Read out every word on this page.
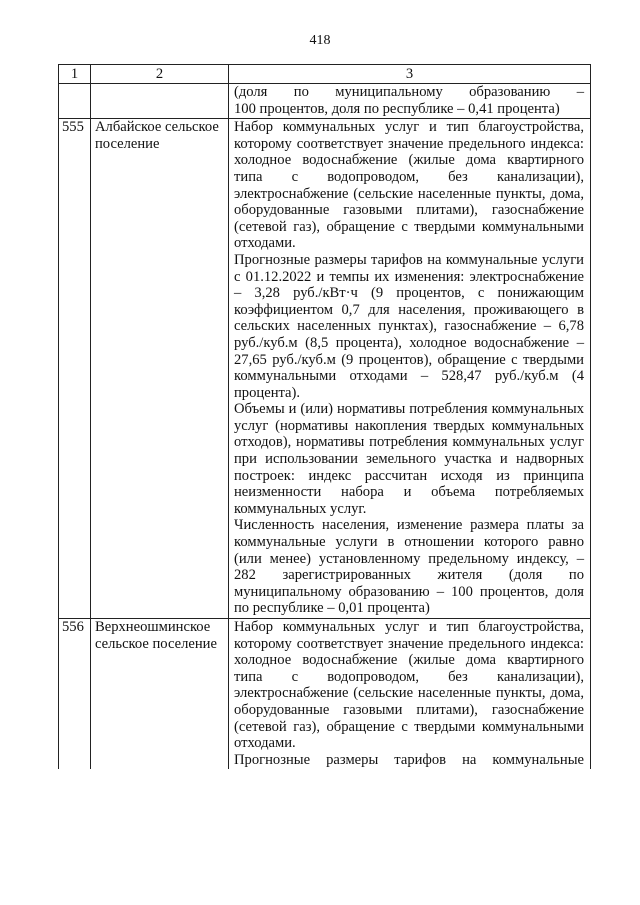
418
1	2	3

		(доля по муниципальному образованию –

100 процентов, доля по республике – 0,41 процента)

555	Албайское сельское поселение	Набор коммунальных услуг и тип благоустройства, которому соответствует значение предельного индекса: холодное водоснабжение (жилые дома квартирного типа с водопроводом, без канализации), электроснабжение (сельские населенные пункты, дома, оборудованные газовыми плитами), газоснабжение (сетевой газ), обращение с твердыми коммунальными отходами.

Прогнозные размеры тарифов на коммунальные услуги с 01.12.2022 и темпы их изменения: электроснабжение – 3,28 руб./кВт·ч (9 процентов, с понижающим коэффициентом 0,7 для населения, проживающего в сельских населенных пунктах), газоснабжение – 6,78 руб./куб.м (8,5 процента), холодное водоснабжение – 27,65 руб./куб.м (9 процентов), обращение с твердыми коммунальными отходами – 528,47 руб./куб.м (4 процента).

Объемы и (или) нормативы потребления коммунальных услуг (нормативы накопления твердых коммунальных отходов), нормативы потребления коммунальных услуг при использовании земельного участка и надворных построек: индекс рассчитан исходя из принципа неизменности набора и объема потребляемых коммунальных услуг.

Численность населения, изменение размера платы за коммунальные услуги в отношении которого равно (или менее) установленному предельному индексу, – 282 зарегистрированных жителя (доля по муниципальному образованию – 100 процентов, доля по республике – 0,01 процента)

556	Верхнеошминское сельское поселение	Набор коммунальных услуг и тип благоустройства, которому соответствует значение предельного индекса: холодное водоснабжение (жилые дома квартирного типа с водопроводом, без канализации), электроснабжение (сельские населенные пункты, дома, оборудованные газовыми плитами), газоснабжение (сетевой газ), обращение с твердыми коммунальными отходами.

Прогнозные размеры тарифов на коммунальные
